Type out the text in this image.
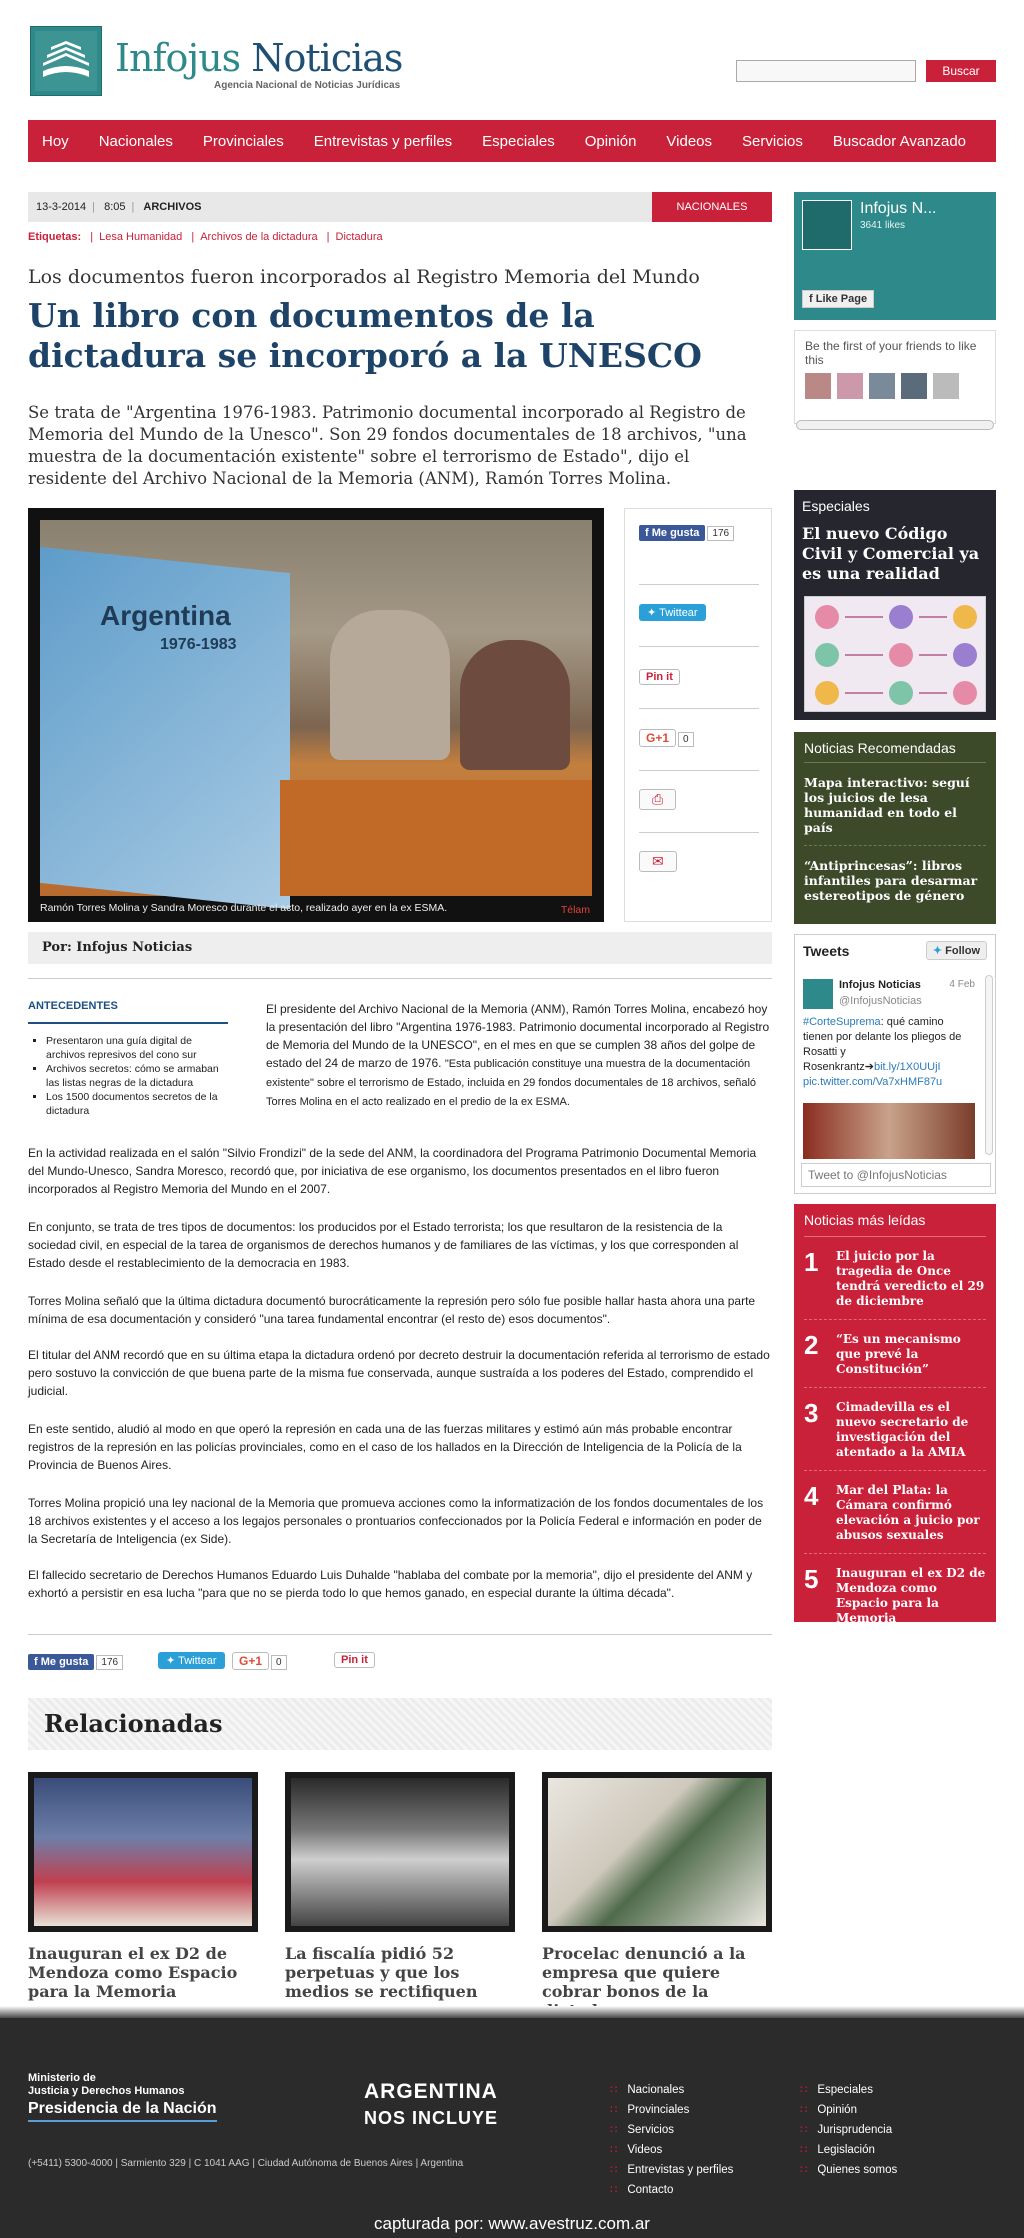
Infojus Noticias
Agencia Nacional de Noticias Jurídicas
Buscar
Hoy Nacionales Provinciales Entrevistas y perfiles Especiales Opinión Videos Servicios Buscador Avanzado
13-3-2014 | 8:05 | ARCHIVOS	NACIONALES
Etiquetas: | Lesa Humanidad | Archivos de la dictadura | Dictadura
Los documentos fueron incorporados al Registro Memoria del Mundo
Un libro con documentos de la dictadura se incorporó a la UNESCO

Se trata de "Argentina 1976-1983. Patrimonio documental incorporado al Registro de Memoria del Mundo de la Unesco". Son 29 fondos documentales de 18 archivos, "una muestra de la documentación existente" sobre el terrorismo de Estado", dijo el residente del Archivo Nacional de la Memoria (ANM), Ramón Torres Molina.

Argentina
1976-1983
Ramón Torres Molina y Sandra Moresco durante el acto, realizado ayer en la ex ESMA.	Télam
f Me gusta 176
✦ Twittear
Pin it
G+1 0
⎙
✉
Por: Infojus Noticias
ANTECEDENTES
▪ Presentaron una guía digital de archivos represivos del cono sur
▪ Archivos secretos: cómo se armaban las listas negras de la dictadura
▪ Los 1500 documentos secretos de la dictadura
El presidente del Archivo Nacional de la Memoria (ANM), Ramón Torres Molina, encabezó hoy la presentación del libro "Argentina 1976-1983. Patrimonio documental incorporado al Registro de Memoria del Mundo de la UNESCO", en el mes en que se cumplen 38 años del golpe de estado del 24 de marzo de 1976. "Esta publicación constituye una muestra de la documentación existente" sobre el terrorismo de Estado, incluida en 29 fondos documentales de 18 archivos, señaló Torres Molina en el acto realizado en el predio de la ex ESMA.

En la actividad realizada en el salón "Silvio Frondizi" de la sede del ANM, la coordinadora del Programa Patrimonio Documental Memoria del Mundo-Unesco, Sandra Moresco, recordó que, por iniciativa de ese organismo, los documentos presentados en el libro fueron incorporados al Registro Memoria del Mundo en el 2007.

En conjunto, se trata de tres tipos de documentos: los producidos por el Estado terrorista; los que resultaron de la resistencia de la sociedad civil, en especial de la tarea de organismos de derechos humanos y de familiares de las víctimas, y los que corresponden al Estado desde el restablecimiento de la democracia en 1983.

Torres Molina señaló que la última dictadura documentó burocráticamente la represión pero sólo fue posible hallar hasta ahora una parte mínima de esa documentación y consideró "una tarea fundamental encontrar (el resto de) esos documentos".

El titular del ANM recordó que en su última etapa la dictadura ordenó por decreto destruir la documentación referida al terrorismo de estado pero sostuvo la convicción de que buena parte de la misma fue conservada, aunque sustraída a los poderes del Estado, comprendido el judicial.

En este sentido, aludió al modo en que operó la represión en cada una de las fuerzas militares y estimó aún más probable encontrar registros de la represión en las policías provinciales, como en el caso de los hallados en la Dirección de Inteligencia de la Policía de la Provincia de Buenos Aires.

Torres Molina propició una ley nacional de la Memoria que promueva acciones como la informatización de los fondos documentales de los 18 archivos existentes y el acceso a los legajos personales o prontuarios confeccionados por la Policía Federal e información en poder de la Secretaría de Inteligencia (ex Side).

El fallecido secretario de Derechos Humanos Eduardo Luis Duhalde "hablaba del combate por la memoria", dijo el presidente del ANM y exhortó a persistir en esa lucha "para que no se pierda todo lo que hemos ganado, en especial durante la última década".

f Me gusta 176	✦ Twittear	G+1 0	Pin it
Relacionadas
Inauguran el ex D2 de Mendoza como Espacio para la Memoria
La fiscalía pidió 52 perpetuas y que los medios se rectifiquen
Procelac denunció a la empresa que quiere cobrar bonos de la
Infojus N...
3641 likes
f Like Page
Be the first of your friends to like this
Especiales
El nuevo Código Civil y Comercial ya es una realidad
Noticias Recomendadas
Mapa interactivo: seguí los juicios de lesa humanidad en todo el país
“Antiprincesas”: libros infantiles para desarmar estereotipos de género
Tweets	✦ Follow
Infojus Noticias
@InfojusNoticias
4 Feb
#CorteSuprema: qué camino tienen por delante los pliegos de Rosatti y Rosenkrantz➔bit.ly/1X0UUjI pic.twitter.com/Va7xHMF87u
Tweet to @InfojusNoticias
Noticias más leídas
1	El juicio por la tragedia de Once tendrá veredicto el 29 de diciembre
2	“Es un mecanismo que prevé la Constitución”
3	Cimadevilla es el nuevo secretario de investigación del atentado a la AMIA
4	Mar del Plata: la Cámara confirmó elevación a juicio por abusos sexuales
5	Inauguran el ex D2 de Mendoza como Espacio para la Memoria
Ministerio de
Justicia y Derechos Humanos
Presidencia de la Nación
ARGENTINA
NOS INCLUYE
(+5411) 5300-4000 | Sarmiento 329 | C 1041 AAG | Ciudad Autónoma de Buenos Aires | Argentina
∷ Nacionales
∷ Provinciales
∷ Servicios
∷ Videos
∷ Entrevistas y perfiles
∷ Contacto
∷ Especiales
∷ Opinión
∷ Jurisprudencia
∷ Legislación
∷ Quienes somos
capturada por: www.avestruz.com.ar
